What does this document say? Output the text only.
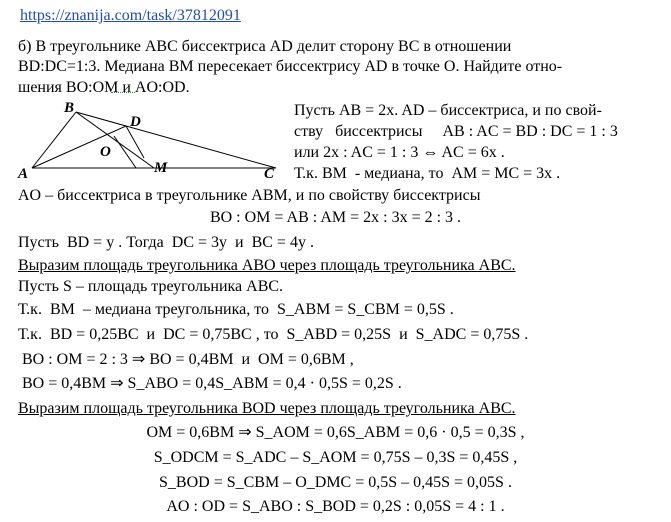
https://znanija.com/task/37812091
б) В треугольнике ABC биссектриса AD делит сторону BC в отношении
BD:DC=1:3. Медиана BM пересекает биссектрису AD в точке O. Найдите отно-
шения BO:OM и AO:OD.
B
D
O
A	M	C
Пусть AB = 2x. AD – биссектриса, и по свой-
ству   биссектрисы     AB : AC = BD : DC = 1 : 3
или 2x : AC = 1 : 3 ⇔ AC = 6x .
Т.к. BM  - медиана, то  AM = MC = 3x .
AO – биссектриса в треугольнике ABM, и по свойству биссектрисы
BO : OM = AB : AM = 2x : 3x = 2 : 3 .
Пусть  BD = y . Тогда  DC = 3y  и  BC = 4y .
Выразим площадь треугольника ABO через площадь треугольника ABC.
Пусть S – площадь треугольника ABC.
Т.к.  BM  – медиана треугольника, то  S_ABM = S_CBM = 0,5S .
Т.к.  BD = 0,25BC  и  DC = 0,75BC , то  S_ABD = 0,25S  и  S_ADC = 0,75S .
BO : OM = 2 : 3 ⇒ BO = 0,4BM  и  OM = 0,6BM ,
BO = 0,4BM ⇒ S_ABO = 0,4S_ABM = 0,4 · 0,5S = 0,2S .
Выразим площадь треугольника BOD через площадь треугольника ABC.
OM = 0,6BM ⇒ S_AOM = 0,6S_ABM = 0,6 · 0,5 = 0,3S ,
S_ODCM = S_ADC – S_AOM = 0,75S – 0,3S = 0,45S ,
S_BOD = S_CBM – O_DMC = 0,5S – 0,45S = 0,05S .
AO : OD = S_ABO : S_BOD = 0,2S : 0,05S = 4 : 1 .
